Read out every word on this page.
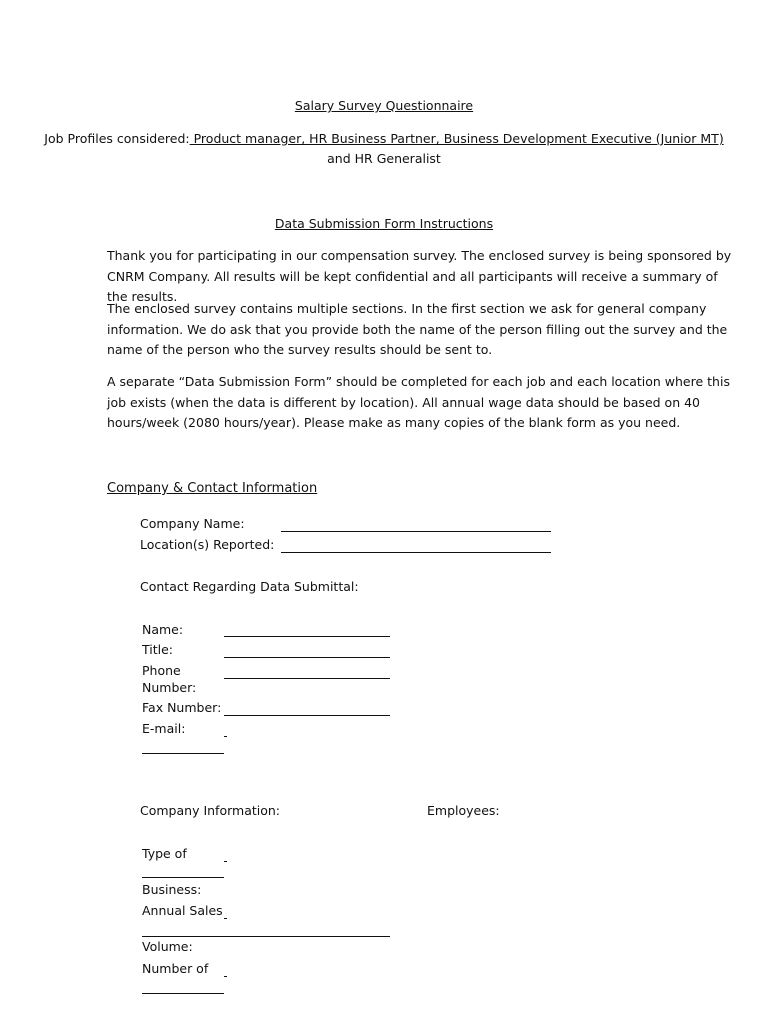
Salary Survey Questionnaire
Job Profiles considered: Product manager, HR Business Partner, Business Development Executive (Junior MT)
and HR Generalist
Data Submission Form Instructions
Thank you for participating in our compensation survey. The enclosed survey is being sponsored by CNRM Company. All results will be kept confidential and all participants will receive a summary of the results.
The enclosed survey contains multiple sections. In the first section we ask for general company information. We do ask that you provide both the name of the person filling out the survey and the name of the person who the survey results should be sent to.
A separate “Data Submission Form” should be completed for each job and each location where this job exists (when the data is different by location). All annual wage data should be based on 40 hours/week (2080 hours/year). Please make as many copies of the blank form as you need.
Company & Contact Information
Company Name:
Location(s) Reported:
Contact Regarding Data Submittal:
Name:
Title:
Phone
Number:
Fax Number:
E-mail:
Company Information:	Employees:
Type of
Business:
Annual Sales
Volume:
Number of
